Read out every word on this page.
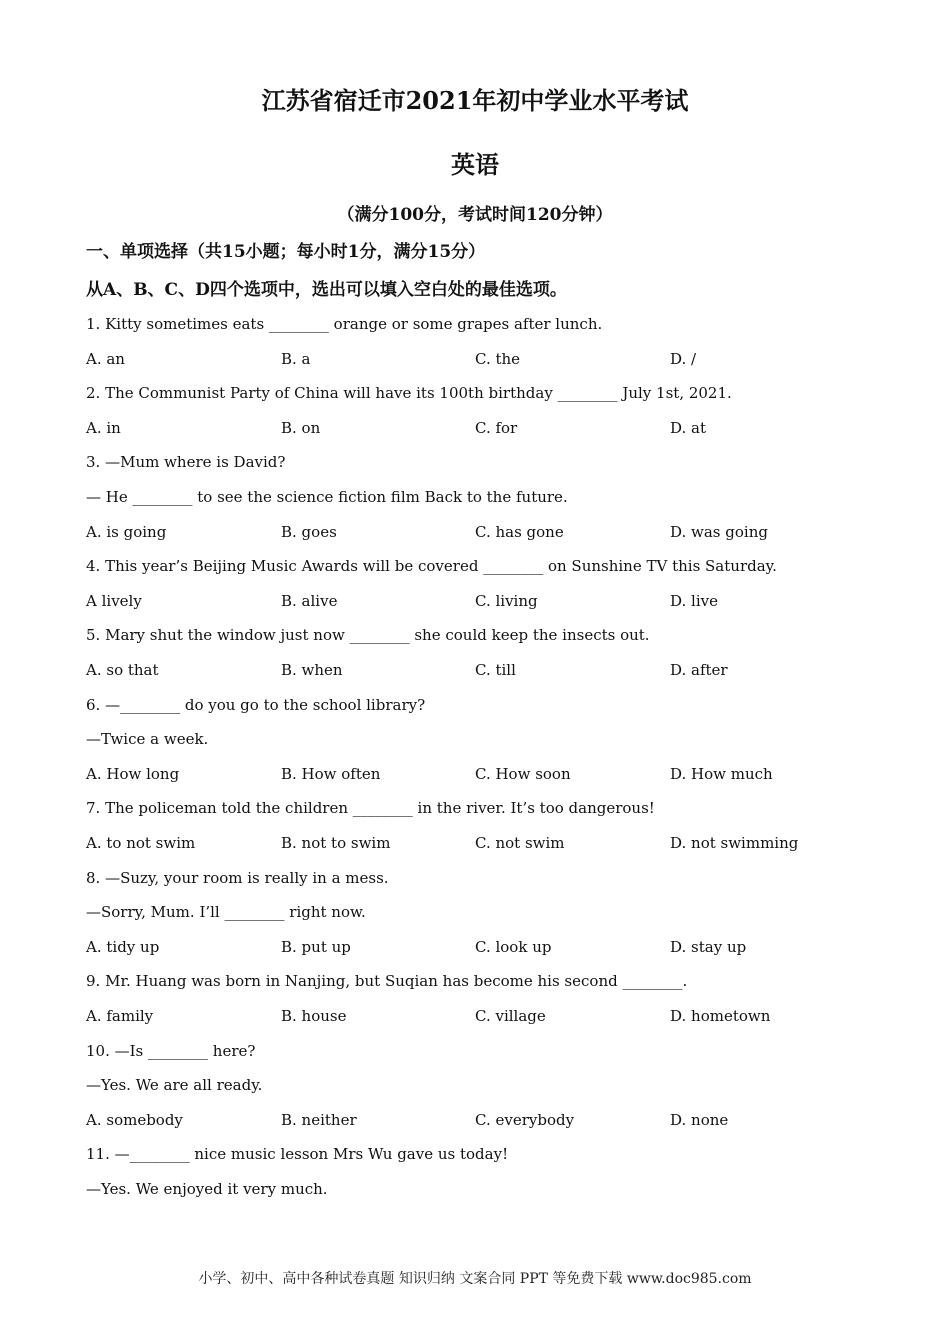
江苏省宿迁市2021年初中学业水平考试
英语
（满分100分，考试时间120分钟）
一、单项选择（共15小题；每小时1分，满分15分）
从A、B、C、D四个选项中，选出可以填入空白处的最佳选项。
1. Kitty sometimes eats ________ orange or some grapes after lunch.
A. an	B. a	C. the	D. /
2. The Communist Party of China will have its 100th birthday ________ July 1st, 2021.
A. in	B. on	C. for	D. at
3. —Mum where is David?
— He ________ to see the science fiction film Back to the future.
A. is going	B. goes	C. has gone	D. was going
4. This year’s Beijing Music Awards will be covered ________ on Sunshine TV this Saturday.
A lively	B. alive	C. living	D. live
5. Mary shut the window just now ________ she could keep the insects out.
A. so that	B. when	C. till	D. after
6. —________ do you go to the school library?
—Twice a week.
A. How long	B. How often	C. How soon	D. How much
7. The policeman told the children ________ in the river. It’s too dangerous!
A. to not swim	B. not to swim	C. not swim	D. not swimming
8. —Suzy, your room is really in a mess.
—Sorry, Mum. I’ll ________ right now.
A. tidy up	B. put up	C. look up	D. stay up
9. Mr. Huang was born in Nanjing, but Suqian has become his second ________.
A. family	B. house	C. village	D. hometown
10. —Is ________ here?
—Yes. We are all ready.
A. somebody	B. neither	C. everybody	D. none
11. —________ nice music lesson Mrs Wu gave us today!
—Yes. We enjoyed it very much.
小学、初中、高中各种试卷真题 知识归纳 文案合同 PPT 等免费下载 www.doc985.com
